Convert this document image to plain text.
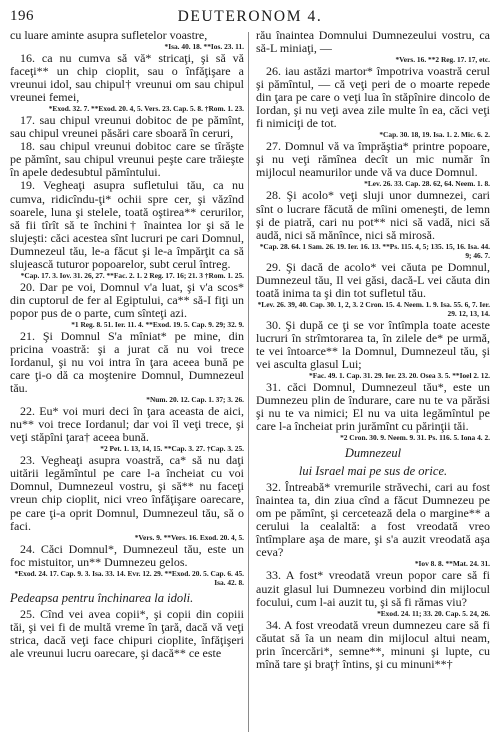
196	DEUTERONOM 4.

cu luare aminte asupra sufletelor voastre,

*Isa. 40. 18. **Ios. 23. 11.

16. ca nu cumva să vă* stricaţi, şi să vă faceţi** un chip cioplit, sau o înfăţişare a vreunui idol, sau chipul† vreunui om sau chipul vreunei femei,

*Exod. 32. 7. **Exod. 20. 4, 5. Vers. 23. Cap. 5. 8. †Rom. 1. 23.

17. sau chipul vreunui dobitoc de pe pămînt, sau chipul vreunei păsări care sboară în ceruri,

18. sau chipul vreunui dobitoc care se tîrăşte pe pămînt, sau chipul vreunui peşte care trăieşte în apele dedesubtul pămîntului.

19. Vegheaţi asupra sufletului tău, ca nu cumva, ridicîndu-ţi* ochii spre cer, şi văzînd soarele, luna şi stelele, toată oştirea** cerurilor, să fii tîrît să te închini† înaintea lor şi să le slujeşti: căci acestea sînt lucruri pe cari Domnul, Dumnezeul tău, le-a făcut şi le-a împărţit ca să slujească tuturor popoarelor, subt cerul întreg.

*Cap. 17. 3. Iov. 31. 26, 27. **Fac. 2. 1. 2 Reg. 17. 16; 21. 3 †Rom. 1. 25.

20. Dar pe voi, Domnul v'a luat, şi v'a scos* din cuptorul de fer al Egiptului, ca** să-I fiţi un popor pus de o parte, cum sînteţi azi.

*1 Reg. 8. 51. Ier. 11. 4. **Exod. 19. 5. Cap. 9. 29; 32. 9.

21. Şi Domnul S'a mîniat* pe mine, din pricina voastră: şi a jurat că nu voi trece Iordanul, şi nu voi intra în ţara aceea bună pe care ţi-o dă ca moştenire Domnul, Dumnezeul tău.

*Num. 20. 12. Cap. 1. 37; 3. 26.

22. Eu* voi muri deci în ţara aceasta de aici, nu** voi trece Iordanul; dar voi îl veţi trece, şi veţi stăpîni ţara† aceea bună.

*2 Pet. 1. 13, 14, 15. **Cap. 3. 27. †Cap. 3. 25.

23. Vegheaţi asupra voastră, ca* să nu daţi uitării legămîntul pe care l-a încheiat cu voi Domnul, Dumnezeul vostru, şi să** nu faceţi vreun chip cioplit, nici vreo înfăţişare oarecare, pe care ţi-a oprit Domnul, Dumnezeul tău, să o faci.

*Vers. 9. **Vers. 16. Exod. 20. 4, 5.

24. Căci Domnul*, Dumnezeul tău, este un foc mistuitor, un** Dumnezeu gelos.

*Exod. 24. 17. Cap. 9. 3. Isa. 33. 14. Evr. 12. 29. **Exod. 20. 5. Cap. 6. 45. Isa. 42. 8.

Pedeapsa pentru închinarea la idoli.

25. Cînd vei avea copii*, şi copii din copiii tăi, şi vei fi de multă vreme în ţară, dacă vă veţi strica, dacă veţi face chipuri cioplite, înfăţişeri ale vreunui lucru oarecare, şi dacă** ce este

rău înaintea Domnului Dumnezeului vostru, ca să-L miniaţi, —

*Vers. 16. **2 Reg. 17. 17, etc.

26. iau astăzi martor* împotriva voastră cerul şi pămîntul, — că veţi peri de o moarte repede din ţara pe care o veţi lua în stăpînire dincolo de Iordan, şi nu veţi avea zile multe în ea, căci veţi fi nimiciţi de tot.

*Cap. 30. 18, 19. Isa. 1. 2. Mic. 6. 2.

27. Domnul vă va împrăştia* printre popoare, şi nu veţi rămînea decît un mic număr în mijlocul neamurilor unde vă va duce Domnul.

*Lev. 26. 33. Cap. 28. 62, 64. Neem. 1. 8.

28. Şi acolo* veţi sluji unor dumnezei, cari sînt o lucrare făcută de mîini omeneşti, de lemn şi de piatră, cari nu pot** nici să vadă, nici să audă, nici să mănînce, nici să mirosă.

*Cap. 28. 64. 1 Sam. 26. 19. Ier. 16. 13. **Ps. 115. 4, 5; 135. 15, 16. Isa. 44. 9; 46. 7.

29. Şi dacă de acolo* vei căuta pe Domnul, Dumnezeul tău, Il vei găsi, dacă-L vei căuta din toată inima ta şi din tot sufletul tău.

*Lev. 26. 39, 40. Cap. 30. 1, 2, 3. 2 Cron. 15. 4. Neem. 1. 9. Isa. 55. 6, 7. Ier. 29. 12, 13, 14.

30. Şi după ce ţi se vor întîmpla toate aceste lucruri în strîmtorarea ta, în zilele de* pe urmă, te vei întoarce** la Domnul, Dumnezeul tău, şi vei asculta glasul Lui;

*Fac. 49. 1. Cap. 31. 29. Ier. 23. 20. Osea 3. 5. **Ioel 2. 12.

31. căci Domnul, Dumnezeul tău*, este un Dumnezeu plin de îndurare, care nu te va părăsi şi nu te va nimici; El nu va uita legămîntul pe care l-a încheiat prin jurămînt cu părinţii tăi.

*2 Cron. 30. 9. Neem. 9. 31. Ps. 116. 5. Iona 4. 2.

Dumnezeul

lui Israel mai pe sus de orice.

32. Întreabă* vremurile străvechi, cari au fost înaintea ta, din ziua cînd a făcut Dumnezeu pe om pe pămînt, şi cercetează dela o margine** a cerului la cealaltă: a fost vreodată vreo întîmplare aşa de mare, şi s'a auzit vreodată aşa ceva?

*Iov 8. 8. **Mat. 24. 31.

33. A fost* vreodată vreun popor care să fi auzit glasul lui Dumnezeu vorbind din mijlocul focului, cum l-ai auzit tu, şi să fi rămas viu?

*Exod. 24. 11; 33. 20. Cap. 5. 24, 26.

34. A fost vreodată vreun dumnezeu care să fi căutat să îa un neam din mijlocul altui neam, prin încercări*, semne**, minuni şi lupte, cu mînă tare şi braţ† întins, şi cu minuni**†
